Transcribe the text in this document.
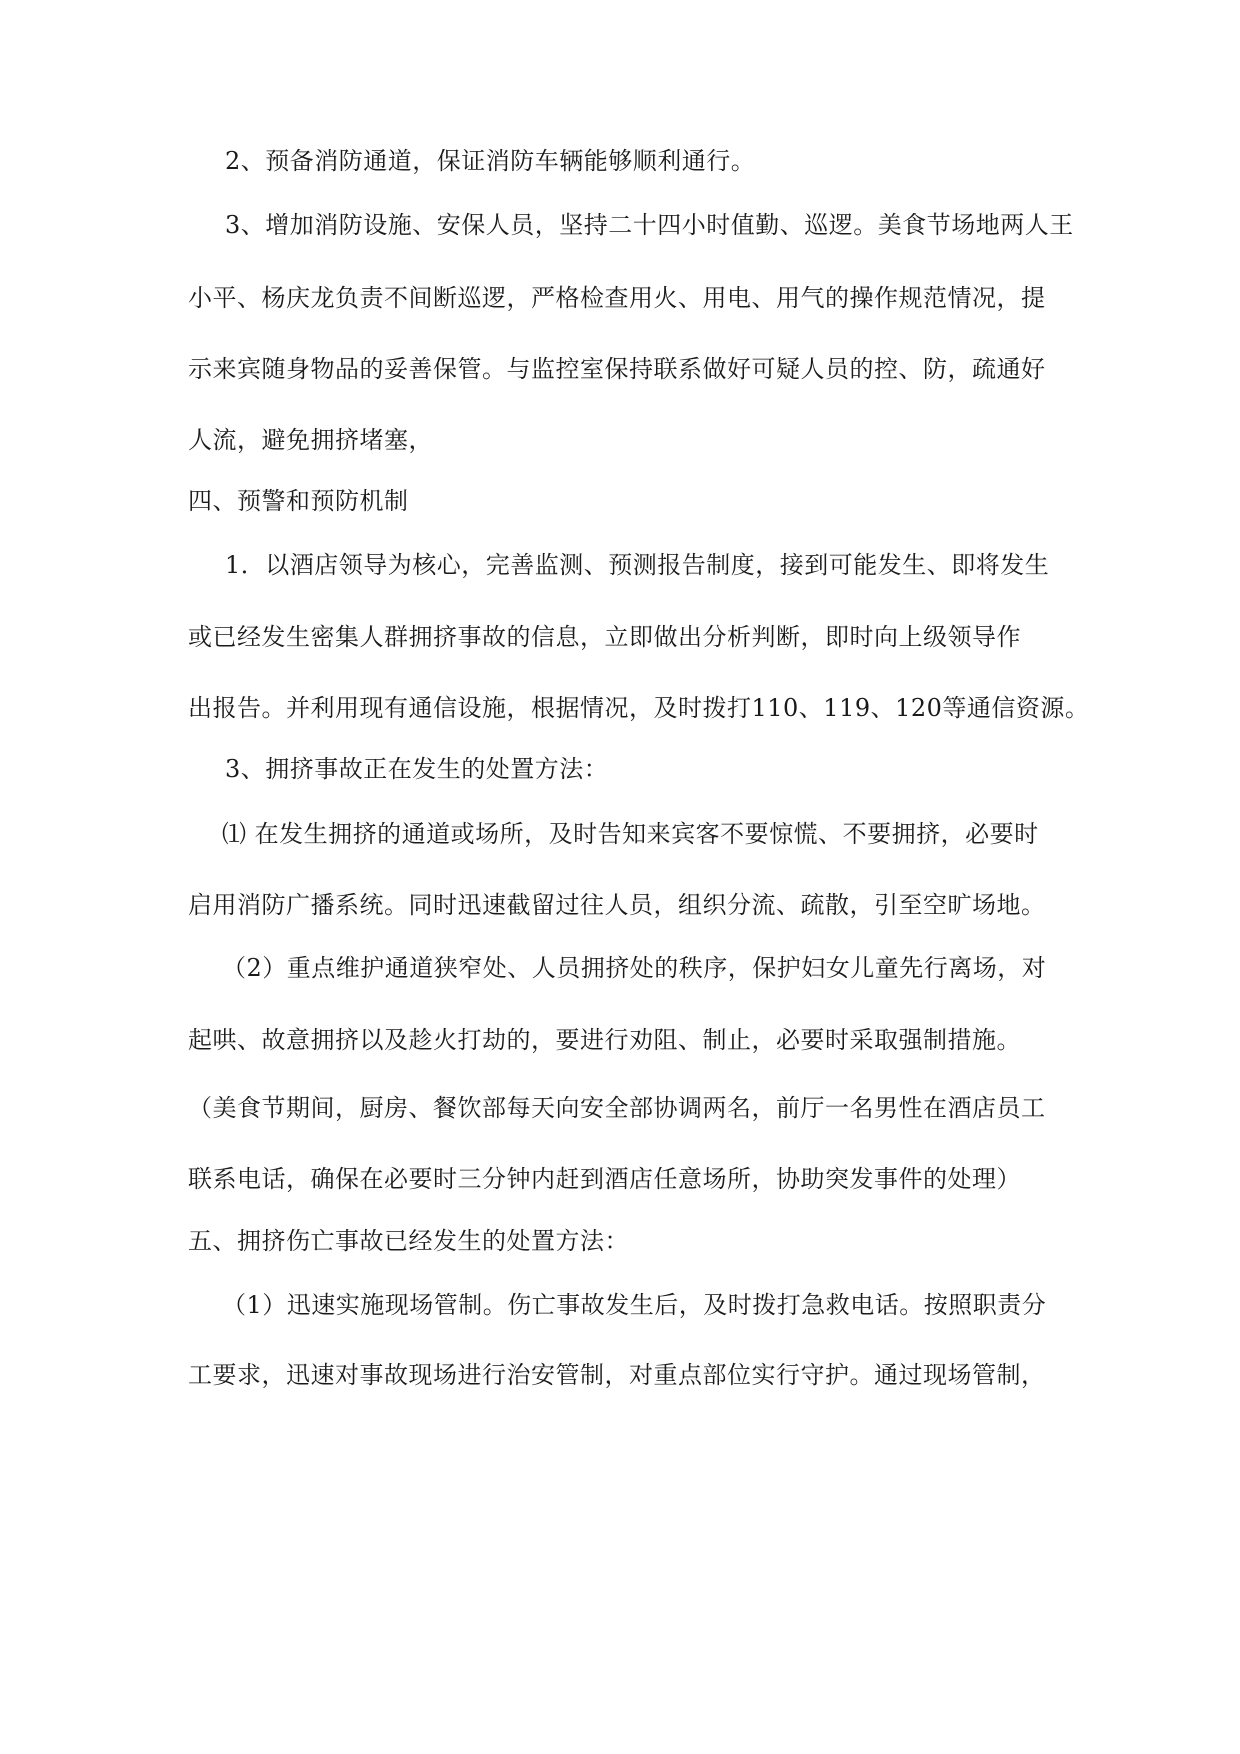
2、预备消防通道，保证消防车辆能够顺利通行。
3、增加消防设施、安保人员，坚持二十四小时值勤、巡逻。美食节场地两人王
小平、杨庆龙负责不间断巡逻，严格检查用火、用电、用气的操作规范情况，提
示来宾随身物品的妥善保管。与监控室保持联系做好可疑人员的控、防，疏通好
人流，避免拥挤堵塞，
四、预警和预防机制
1．以酒店领导为核心，完善监测、预测报告制度，接到可能发生、即将发生
或已经发生密集人群拥挤事故的信息，立即做出分析判断，即时向上级领导作
出报告。并利用现有通信设施，根据情况，及时拨打110、119、120等通信资源。
3、拥挤事故正在发生的处置方法：
⑴ 在发生拥挤的通道或场所，及时告知来宾客不要惊慌、不要拥挤，必要时
启用消防广播系统。同时迅速截留过往人员，组织分流、疏散，引至空旷场地。
（2）重点维护通道狭窄处、人员拥挤处的秩序，保护妇女儿童先行离场，对
起哄、故意拥挤以及趁火打劫的，要进行劝阻、制止，必要时采取强制措施。
（美食节期间，厨房、餐饮部每天向安全部协调两名，前厅一名男性在酒店员工
联系电话，确保在必要时三分钟内赶到酒店任意场所，协助突发事件的处理）
五、拥挤伤亡事故已经发生的处置方法：
（1）迅速实施现场管制。伤亡事故发生后，及时拨打急救电话。按照职责分
工要求，迅速对事故现场进行治安管制，对重点部位实行守护。通过现场管制，
